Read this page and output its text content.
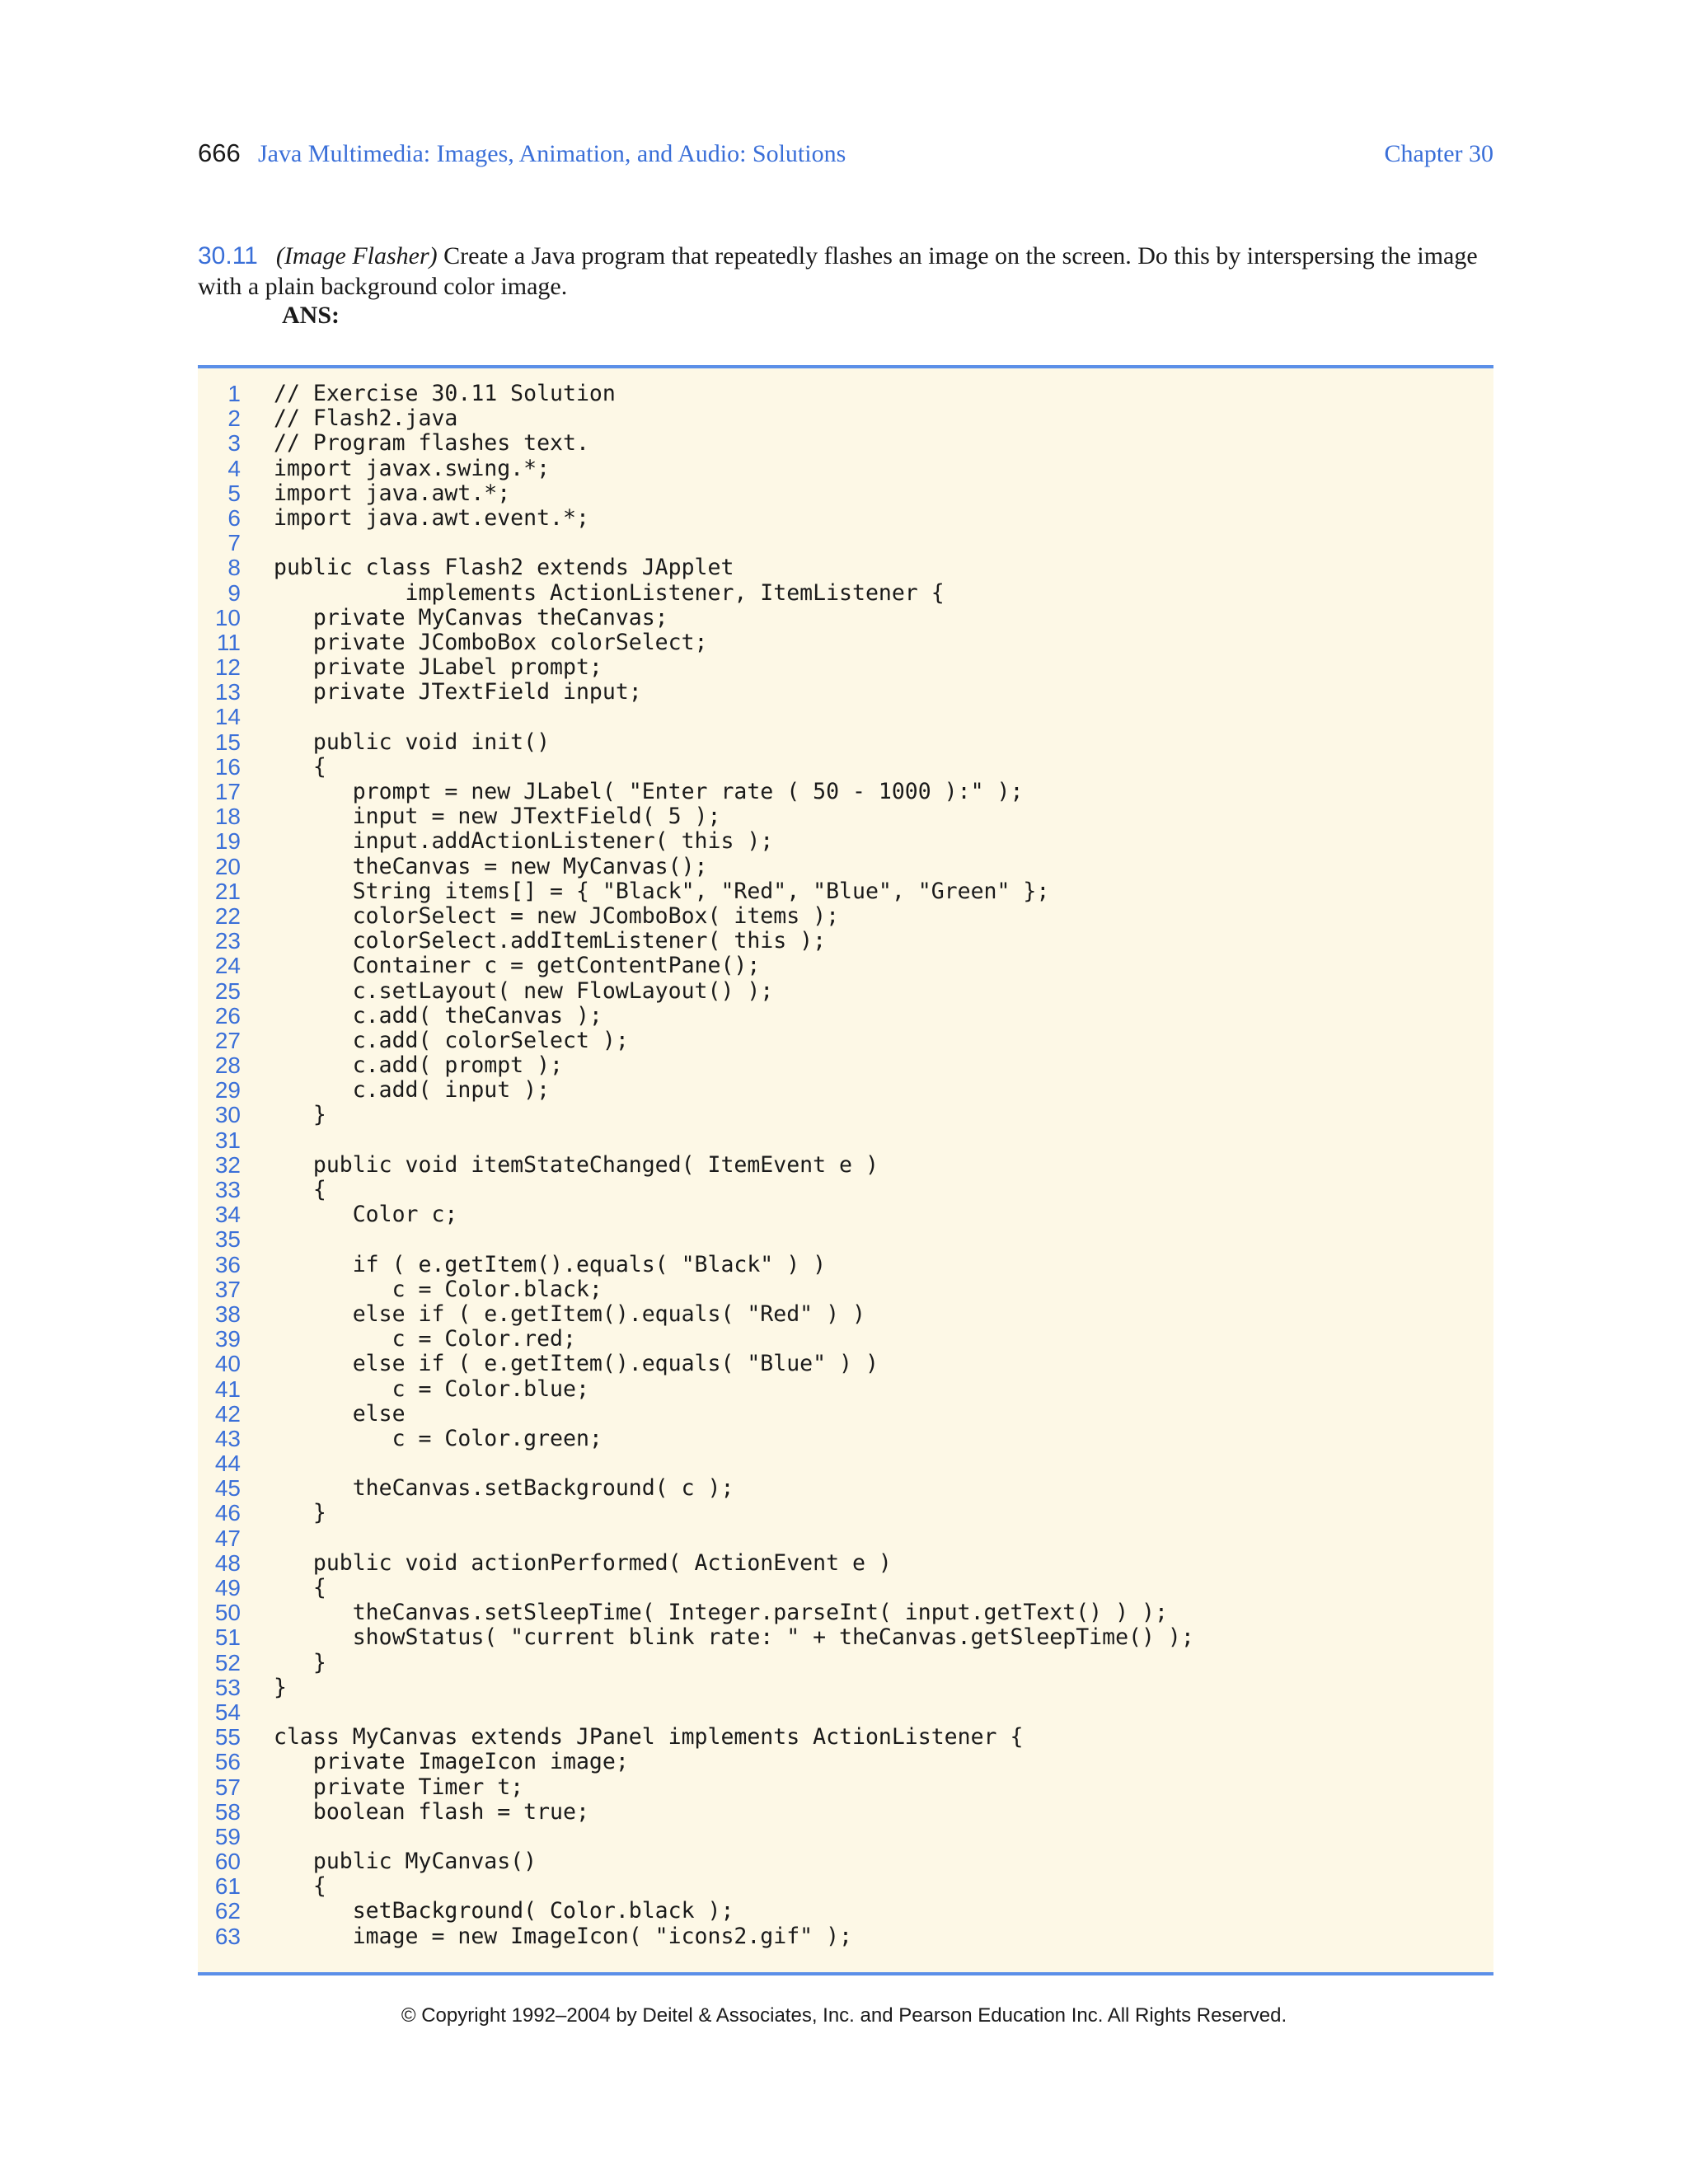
666 Java Multimedia: Images, Animation, and Audio: Solutions	Chapter 30
30.11 (Image Flasher) Create a Java program that repeatedly flashes an image on the screen. Do this by interspersing the image with a plain background color image.
ANS:
1 // Exercise 30.11 Solution
2 // Flash2.java
3 // Program flashes text.
4 import javax.swing.*;
5 import java.awt.*;
6 import java.awt.event.*;
7
8 public class Flash2 extends JApplet
9 implements ActionListener, ItemListener {
10 private MyCanvas theCanvas;
11 private JComboBox colorSelect;
12 private JLabel prompt;
13 private JTextField input;
14
15 public void init()
16 {
17 prompt = new JLabel( "Enter rate ( 50 - 1000 ):" );
18 input = new JTextField( 5 );
19 input.addActionListener( this );
20 theCanvas = new MyCanvas();
21 String items[] = { "Black", "Red", "Blue", "Green" };
22 colorSelect = new JComboBox( items );
23 colorSelect.addItemListener( this );
24 Container c = getContentPane();
25 c.setLayout( new FlowLayout() );
26 c.add( theCanvas );
27 c.add( colorSelect );
28 c.add( prompt );
29 c.add( input );
30 }
31
32 public void itemStateChanged( ItemEvent e )
33 {
34 Color c;
35
36 if ( e.getItem().equals( "Black" ) )
37 c = Color.black;
38 else if ( e.getItem().equals( "Red" ) )
39 c = Color.red;
40 else if ( e.getItem().equals( "Blue" ) )
41 c = Color.blue;
42 else
43 c = Color.green;
44
45 theCanvas.setBackground( c );
46 }
47
48 public void actionPerformed( ActionEvent e )
49 {
50 theCanvas.setSleepTime( Integer.parseInt( input.getText() ) );
51 showStatus( "current blink rate: " + theCanvas.getSleepTime() );
52 }
53 }
54
55 class MyCanvas extends JPanel implements ActionListener {
56 private ImageIcon image;
57 private Timer t;
58 boolean flash = true;
59
60 public MyCanvas()
61 {
62 setBackground( Color.black );
63 image = new ImageIcon( "icons2.gif" );
© Copyright 1992–2004 by Deitel & Associates, Inc. and Pearson Education Inc. All Rights Reserved.
